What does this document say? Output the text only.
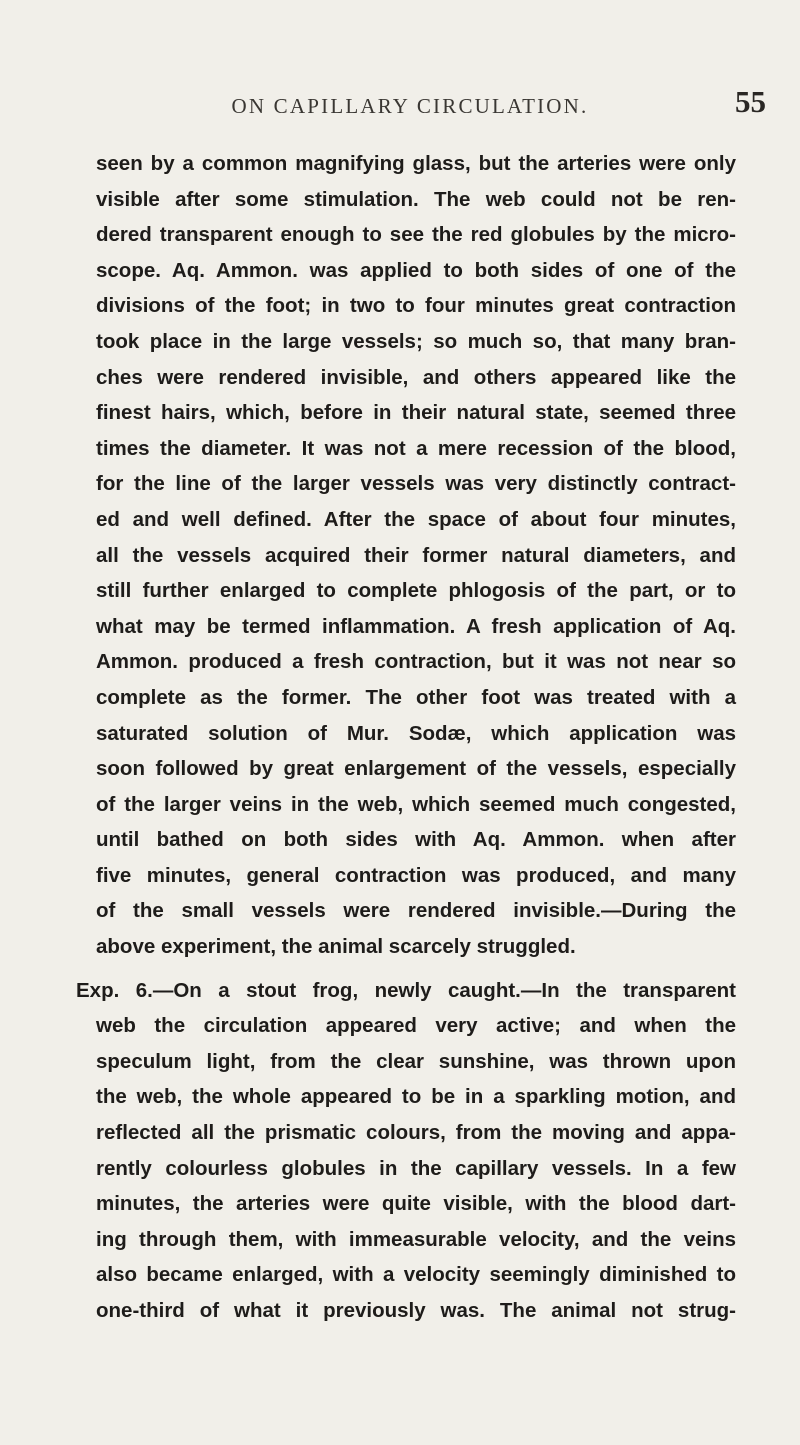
ON CAPILLARY CIRCULATION.	55
seen by a common magnifying glass, but the arteries were only
visible after some stimulation. The web could not be ren-
dered transparent enough to see the red globules by the micro-
scope. Aq. Ammon. was applied to both sides of one of the
divisions of the foot; in two to four minutes great contraction
took place in the large vessels; so much so, that many bran-
ches were rendered invisible, and others appeared like the
finest hairs, which, before in their natural state, seemed three
times the diameter. It was not a mere recession of the blood,
for the line of the larger vessels was very distinctly contract-
ed and well defined. After the space of about four minutes,
all the vessels acquired their former natural diameters, and
still further enlarged to complete phlogosis of the part, or to
what may be termed inflammation. A fresh application of Aq.
Ammon. produced a fresh contraction, but it was not near so
complete as the former. The other foot was treated with a
saturated solution of Mur. Sodæ, which application was
soon followed by great enlargement of the vessels, especially
of the larger veins in the web, which seemed much congested,
until bathed on both sides with Aq. Ammon. when after
five minutes, general contraction was produced, and many
of the small vessels were rendered invisible.—During the
above experiment, the animal scarcely struggled.
Exp. 6.—On a stout frog, newly caught.—In the transparent
web the circulation appeared very active; and when the
speculum light, from the clear sunshine, was thrown upon
the web, the whole appeared to be in a sparkling motion, and
reflected all the prismatic colours, from the moving and appa-
rently colourless globules in the capillary vessels. In a few
minutes, the arteries were quite visible, with the blood dart-
ing through them, with immeasurable velocity, and the veins
also became enlarged, with a velocity seemingly diminished to
one-third of what it previously was. The animal not strug-
